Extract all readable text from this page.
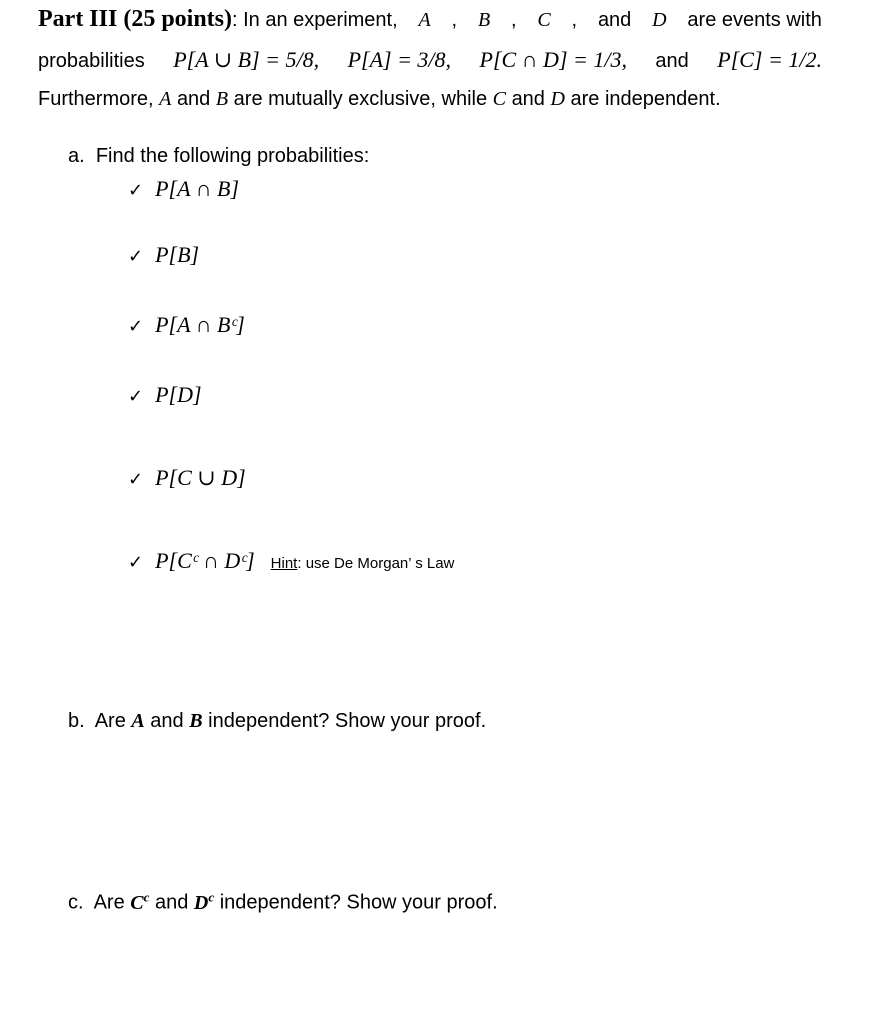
Part III (25 points): In an experiment, A , B , C , and D are events with
probabilities P[A ∪ B] = 5/8, P[A] = 3/8, P[C ∩ D] = 1/3, and P[C] = 1/2.
Furthermore, A and B are mutually exclusive, while C and D are independent.
a. Find the following probabilities:
✓ P[A ∩ B]
✓ P[B]
✓ P[A ∩ Bᶜ]
✓ P[D]
✓ P[C ∪ D]
✓ P[Cᶜ ∩ Dᶜ] Hint: use De Morgan’ s Law
b. Are A and B independent? Show your proof.
c. Are $C^c$ and $D^c$ independent? Show your proof.
